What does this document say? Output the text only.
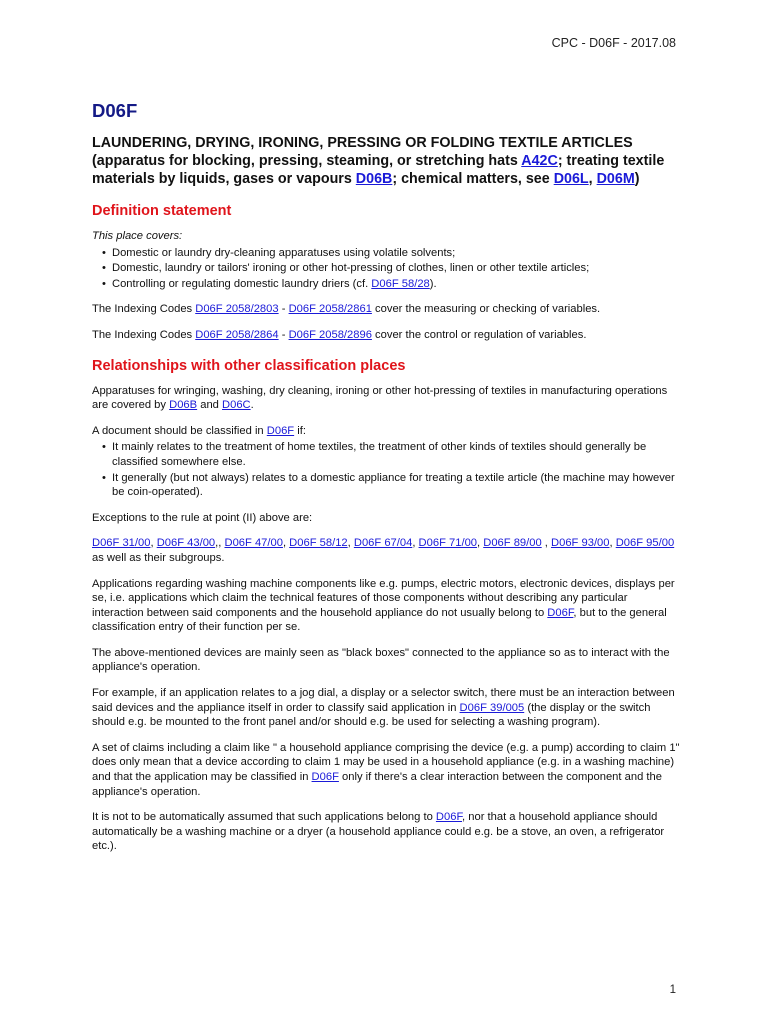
CPC - D06F - 2017.08
D06F
LAUNDERING, DRYING, IRONING, PRESSING OR FOLDING TEXTILE ARTICLES (apparatus for blocking, pressing, steaming, or stretching hats A42C; treating textile materials by liquids, gases or vapours D06B; chemical matters, see D06L, D06M)
Definition statement

This place covers:

• Domestic or laundry dry-cleaning apparatuses using volatile solvents;
• Domestic, laundry or tailors' ironing or other hot-pressing of clothes, linen or other textile articles;
• Controlling or regulating domestic laundry driers (cf. D06F 58/28).

The Indexing Codes D06F 2058/2803 - D06F 2058/2861 cover the measuring or checking of variables.

The Indexing Codes D06F 2058/2864 - D06F 2058/2896 cover the control or regulation of variables.

Relationships with other classification places

Apparatuses for wringing, washing, dry cleaning, ironing or other hot-pressing of textiles in manufacturing operations are covered by D06B and D06C.

A document should be classified in D06F if:

• It mainly relates to the treatment of home textiles, the treatment of other kinds of textiles should generally be classified somewhere else.
• It generally (but not always) relates to a domestic appliance for treating a textile article (the machine may however be coin-operated).

Exceptions to the rule at point (II) above are:

D06F 31/00, D06F 43/00,, D06F 47/00, D06F 58/12, D06F 67/04, D06F 71/00, D06F 89/00 , D06F 93/00, D06F 95/00 as well as their subgroups.

Applications regarding washing machine components like e.g. pumps, electric motors, electronic devices, displays per se, i.e. applications which claim the technical features of those components without describing any particular interaction between said components and the household appliance do not usually belong to D06F, but to the general classification entry of their function per se.

The above-mentioned devices are mainly seen as "black boxes" connected to the appliance so as to interact with the appliance's operation.

For example, if an application relates to a jog dial, a display or a selector switch, there must be an interaction between said devices and the appliance itself in order to classify said application in D06F 39/005 (the display or the switch should e.g. be mounted to the front panel and/or should e.g. be used for selecting a washing program).

A set of claims including a claim like " a household appliance comprising the device (e.g. a pump) according to claim 1" does only mean that a device according to claim 1 may be used in a household appliance (e.g. in a washing machine) and that the application may be classified in D06F only if there's a clear interaction between the component and the appliance's operation.

It is not to be automatically assumed that such applications belong to D06F, nor that a household appliance should automatically be a washing machine or a dryer (a household appliance could e.g. be a stove, an oven, a refrigerator etc.).

1
